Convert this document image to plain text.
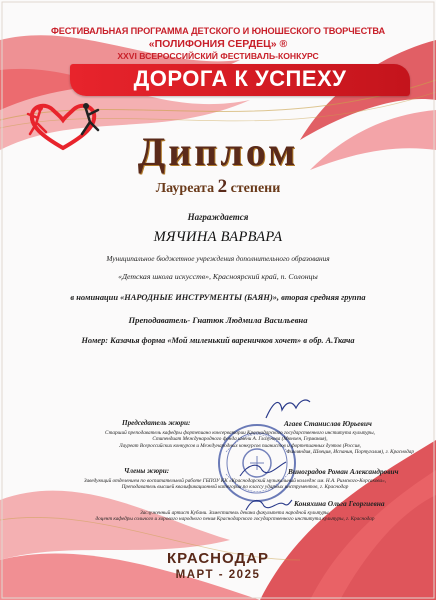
ФЕСТИВАЛЬНАЯ ПРОГРАММА ДЕТСКОГО И ЮНОШЕСКОГО ТВОРЧЕСТВА
«ПОЛИФОНИЯ СЕРДЕЦ» ®
XXVI ВСЕРОССИЙСКИЙ ФЕСТИВАЛЬ-КОНКУРС
ДОРОГА К УСПЕХУ
Диплом
Лауреата 2 степени
Награждается
МЯЧИНА ВАРВАРА
Муниципальное бюджетное учреждения дополнительного образования
«Детская школа искусств», Красноярский край, п. Солонцы
в номинации «НАРОДНЫЕ ИНСТРУМЕНТЫ (БАЯН)», вторая средняя группа
Преподаватель- Гнатюк Людмила Васильевна
Номер: Казачья форма «Мой миленький вареничков хочет» в обр. А.Ткача
Председатель жюри:	Агаев Станислав Юрьевич
Старший преподаватель кафедры фортепиано консерватории Краснодарского государственного института культуры,
Стипендиат Международного фонда имени А. Глазунова (Мюнхен, Германия),
Лауреат Всероссийских конкурсов и Международных конкурсов пианистов и фортепианных дуэтов (Россия,
Финляндия, Швеция, Испания, Португалия), г. Краснодар
Члены жюри:	Виноградов Роман Александрович
Заведующий отделением по воспитательной работе ГБПОУ КК «Краснодарский музыкальный колледж им. Н.А. Римского-Корсакова»,
Преподаватель высшей квалификационной категории по классу ударных инструментов, г. Краснодар
Коняхина Ольга Георгиевна
Заслуженный артист Кубани. Заместитель декана факультета народной культуры,
доцент кафедры сольного и хорового народного пения Краснодарского государственного института культуры, г. Краснодар
КРАСНОДАР
МАРТ - 2025
